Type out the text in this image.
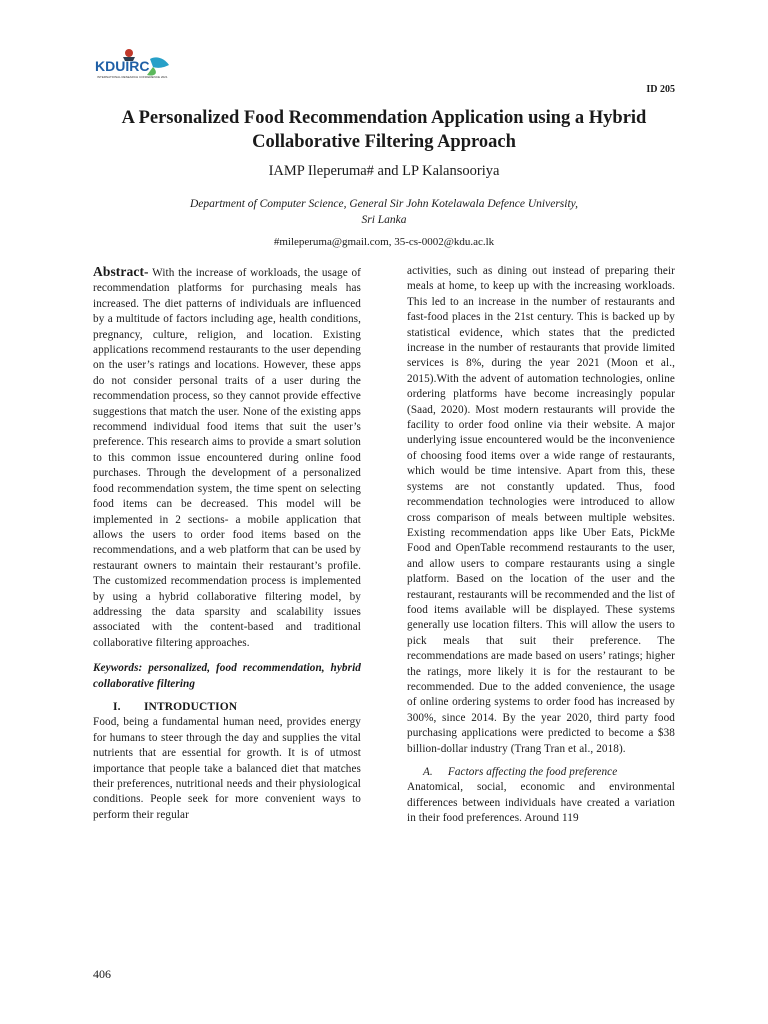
KDUIRC
INTERNATIONAL RESEARCH CONFERENCE 2021
ID 205
A Personalized Food Recommendation Application using a Hybrid
Collaborative Filtering Approach
IAMP Ileperuma# and LP Kalansooriya
Department of Computer Science, General Sir John Kotelawala Defence University,
Sri Lanka
#mileperuma@gmail.com, 35-cs-0002@kdu.ac.lk

Abstract- With the increase of workloads, the usage of recommendation platforms for purchasing meals has increased. The diet patterns of individuals are influenced by a multitude of factors including age, health conditions, pregnancy, culture, religion, and location. Existing applications recommend restaurants to the user depending on the user’s ratings and locations. However, these apps do not consider personal traits of a user during the recommendation process, so they cannot provide effective suggestions that match the user. None of the existing apps recommend individual food items that suit the user’s preference. This research aims to provide a smart solution to this common issue encountered during online food purchases. Through the development of a personalized food recommendation system, the time spent on selecting food items can be decreased. This model will be implemented in 2 sections- a mobile application that allows the users to order food items based on the recommendations, and a web platform that can be used by restaurant owners to maintain their restaurant’s profile. The customized recommendation process is implemented by using a hybrid collaborative filtering model, by addressing the data sparsity and scalability issues associated with the content-based and traditional collaborative filtering approaches.

Keywords: personalized, food recommendation, hybrid collaborative filtering

I. INTRODUCTION

Food, being a fundamental human need, provides energy for humans to steer through the day and supplies the vital nutrients that are essential for growth. It is of utmost importance that people take a balanced diet that matches their preferences, nutritional needs and their physiological conditions. People seek for more convenient ways to perform their regular

activities, such as dining out instead of preparing their meals at home, to keep up with the increasing workloads. This led to an increase in the number of restaurants and fast-food places in the 21st century. This is backed up by statistical evidence, which states that the predicted increase in the number of restaurants that provide limited services is 8%, during the year 2021 (Moon et al., 2015).With the advent of automation technologies, online ordering platforms have become increasingly popular (Saad, 2020). Most modern restaurants will provide the facility to order food online via their website. A major underlying issue encountered would be the inconvenience of choosing food items over a wide range of restaurants, which would be time intensive. Apart from this, these systems are not constantly updated. Thus, food recommendation technologies were introduced to allow cross comparison of meals between multiple websites. Existing recommendation apps like Uber Eats, PickMe Food and OpenTable recommend restaurants to the user, and allow users to compare restaurants using a single platform. Based on the location of the user and the restaurant, restaurants will be recommended and the list of food items available will be displayed. These systems generally use location filters. This will allow the users to pick meals that suit their preference. The recommendations are made based on users’ ratings; higher the ratings, more likely it is for the restaurant to be recommended. Due to the added convenience, the usage of online ordering systems to order food has increased by 300%, since 2014. By the year 2020, third party food purchasing applications were predicted to become a $38 billion-dollar industry (Trang Tran et al., 2018).

A. Factors affecting the food preference

Anatomical, social, economic and environmental differences between individuals have created a variation in their food preferences. Around 119

406
